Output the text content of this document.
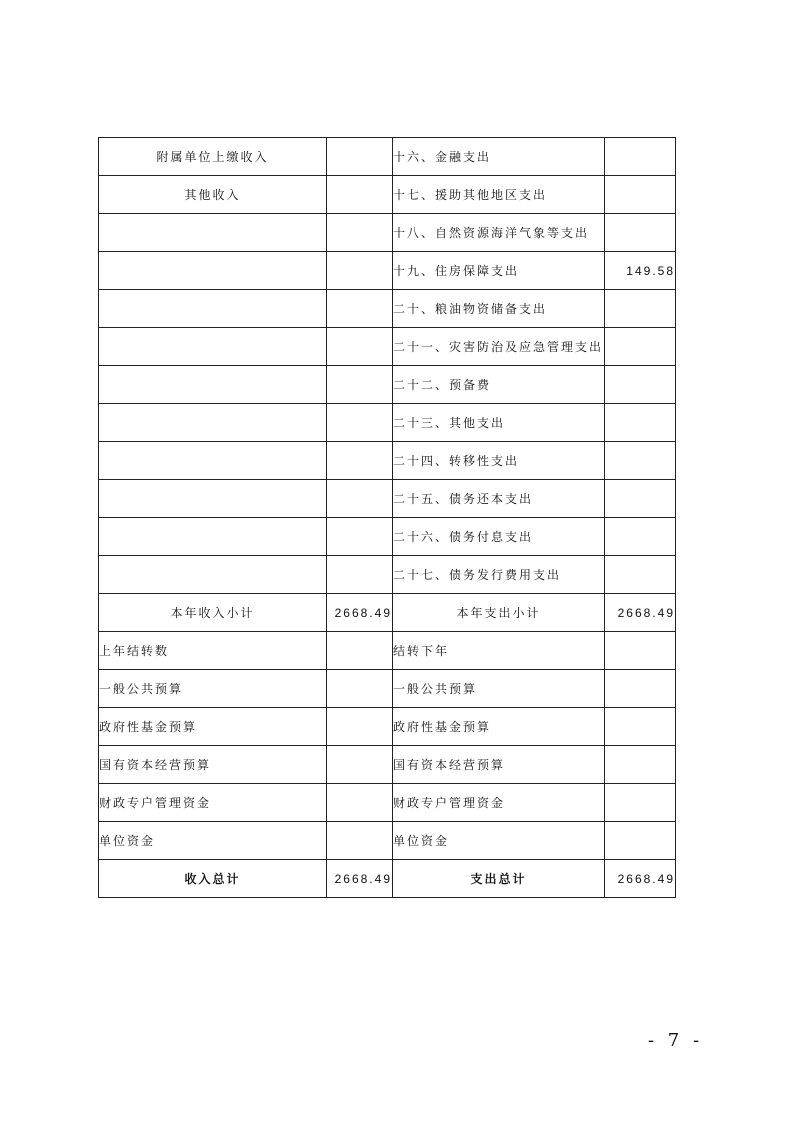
附属单位上缴收入		十六、金融支出	
其他收入		十七、援助其他地区支出	
		十八、自然资源海洋气象等支出	
		十九、住房保障支出	149.58
		二十、粮油物资储备支出	
		二十一、灾害防治及应急管理支出	
		二十二、预备费	
		二十三、其他支出	
		二十四、转移性支出	
		二十五、债务还本支出	
		二十六、债务付息支出	
		二十七、债务发行费用支出	
本年收入小计	2668.49	本年支出小计	2668.49
上年结转数		结转下年	
一般公共预算		一般公共预算	
政府性基金预算		政府性基金预算	
国有资本经营预算		国有资本经营预算	
财政专户管理资金		财政专户管理资金	
单位资金		单位资金	
收入总计	2668.49	支出总计	2668.49
- 7 -
